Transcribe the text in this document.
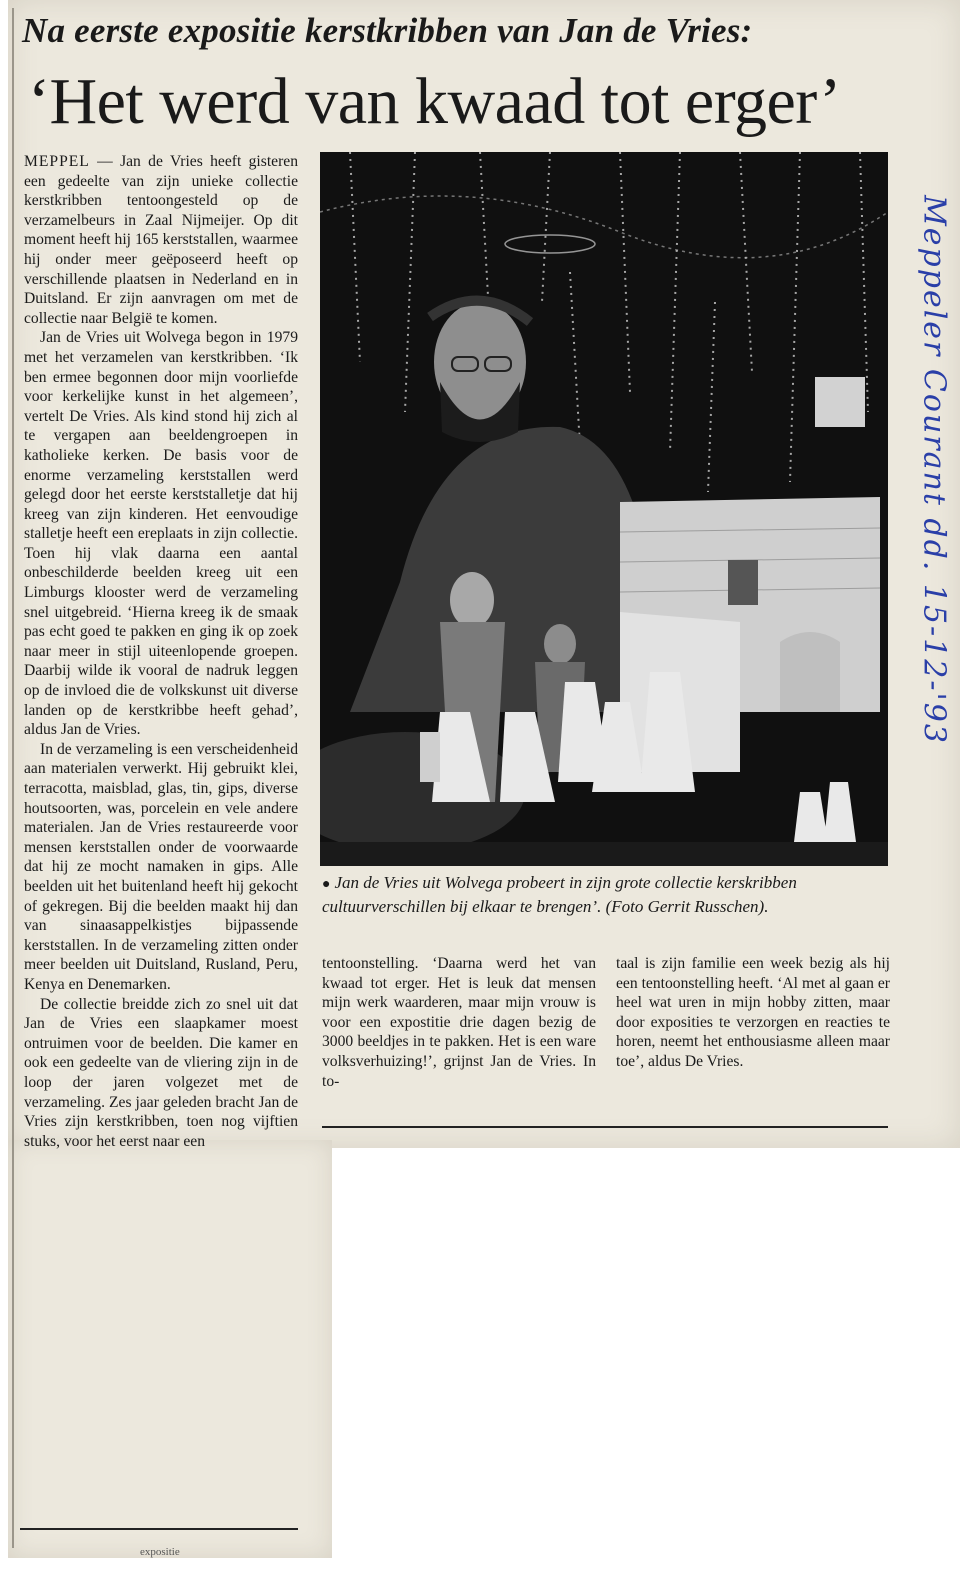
Na eerste expositie kerstkribben van Jan de Vries:
‘Het werd van kwaad tot erger’

MEPPEL — Jan de Vries heeft gisteren een gedeelte van zijn unieke collectie kerstkribben tentoongesteld op de verzamelbeurs in Zaal Nijmeijer. Op dit moment heeft hij 165 kerststallen, waarmee hij onder meer geëposeerd heeft op verschillende plaatsen in Nederland en in Duitsland. Er zijn aanvragen om met de collectie naar België te komen.

Jan de Vries uit Wolvega begon in 1979 met het verzamelen van kerstkribben. ‘Ik ben ermee begonnen door mijn voorliefde voor kerkelijke kunst in het algemeen’, vertelt De Vries. Als kind stond hij zich al te vergapen aan beeldengroepen in katholieke kerken. De basis voor de enorme verzameling kerststallen werd gelegd door het eerste kerststalletje dat hij kreeg van zijn kinderen. Het eenvoudige stalletje heeft een ereplaats in zijn collectie. Toen hij vlak daarna een aantal onbeschilderde beelden kreeg uit een Limburgs klooster werd de verzameling snel uitgebreid. ‘Hierna kreeg ik de smaak pas echt goed te pakken en ging ik op zoek naar meer in stijl uiteenlopende groepen. Daarbij wilde ik vooral de nadruk leggen op de invloed die de volkskunst uit diverse landen op de kerstkribbe heeft gehad’, aldus Jan de Vries.

In de verzameling is een verscheidenheid aan materialen verwerkt. Hij gebruikt klei, terracotta, maisblad, glas, tin, gips, diverse houtsoorten, was, porcelein en vele andere materialen. Jan de Vries restaureerde voor mensen kerststallen onder de voorwaarde dat hij ze mocht namaken in gips. Alle beelden uit het buitenland heeft hij gekocht of gekregen. Bij die beelden maakt hij dan van sinaasappelkistjes bijpassende kerststallen. In de verzameling zitten onder meer beelden uit Duitsland, Rusland, Peru, Kenya en Denemarken.

De collectie breidde zich zo snel uit dat Jan de Vries een slaapkamer moest ontruimen voor de beelden. Die kamer en ook een gedeelte van de vliering zijn in de loop der jaren volgezet met de verzameling. Zes jaar geleden bracht Jan de Vries zijn kerstkribben, toen nog vijftien stuks, voor het eerst naar een

expositie

● Jan de Vries uit Wolvega probeert in zijn grote collectie kerskribben cultuurverschillen bij elkaar te brengen’. (Foto Gerrit Russchen).

tentoonstelling. ‘Daarna werd het van kwaad tot erger. Het is leuk dat mensen mijn werk waarderen, maar mijn vrouw is voor een expostitie drie dagen bezig de 3000 beeldjes in te pakken. Het is een ware volksverhuizing!’, grijnst Jan de Vries. In to-

taal is zijn familie een week bezig als hij een tentoonstelling heeft. ‘Al met al gaan er heel wat uren in mijn hobby zitten, maar door exposities te verzorgen en reacties te horen, neemt het enthousiasme alleen maar toe’, aldus De Vries.

Meppeler Courant dd. 15-12-'93
